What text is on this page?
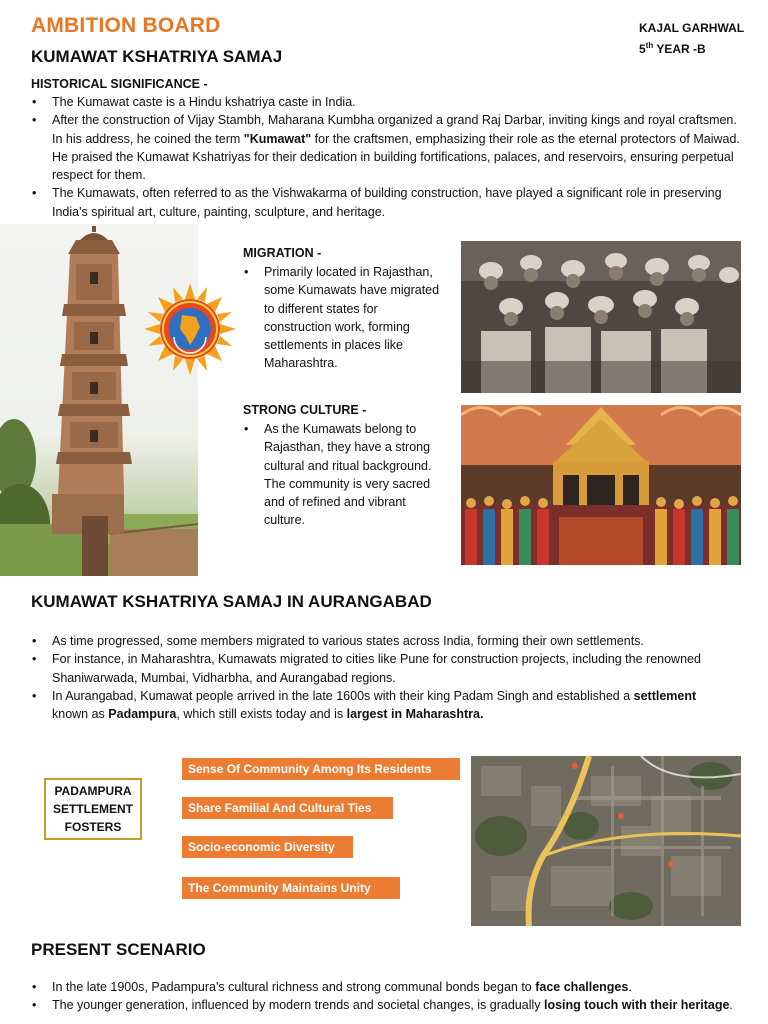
AMBITION BOARD
KUMAWAT KSHATRIYA SAMAJ
KAJAL GARHWAL
5th YEAR -B
HISTORICAL SIGNIFICANCE -
• The Kumawat caste is a Hindu kshatriya caste in India.
• After the construction of Vijay Stambh, Maharana Kumbha organized a grand Raj Darbar, inviting kings and royal craftsmen. In his address, he coined the term "Kumawat" for the craftsmen, emphasizing their role as the eternal protectors of Maiwad. He praised the Kumawat Kshatriyas for their dedication in building fortifications, palaces, and reservoirs, ensuring perpetual respect for them.
• The Kumawats, often referred to as the Vishwakarma of building construction, have played a significant role in preserving India's spiritual art, culture, painting, sculpture, and heritage.
MIGRATION -
• Primarily located in Rajasthan, some Kumawats have migrated to different states for construction work, forming settlements in places like Maharashtra.
STRONG CULTURE -
• As the Kumawats belong to Rajasthan, they have a strong cultural and ritual background. The community is very sacred and of refined and vibrant culture.
KUMAWAT KSHATRIYA SAMAJ IN AURANGABAD
• As time progressed, some members migrated to various states across India, forming their own settlements.
• For instance, in Maharashtra, Kumawats migrated to cities like Pune for construction projects, including the renowned Shaniwarwada, Mumbai, Vidharbha, and Aurangabad regions.
• In Aurangabad, Kumawat people arrived in the late 1600s with their king Padam Singh and established a settlement known as Padampura, which still exists today and is largest in Maharashtra.
PADAMPURA
SETTLEMENT
FOSTERS
Sense Of Community Among Its Residents
Share Familial And Cultural Ties
Socio-economic Diversity
The Community Maintains Unity
PRESENT SCENARIO
• In the late 1900s, Padampura's cultural richness and strong communal bonds began to face challenges.
• The younger generation, influenced by modern trends and societal changes, is gradually losing touch with their heritage.
